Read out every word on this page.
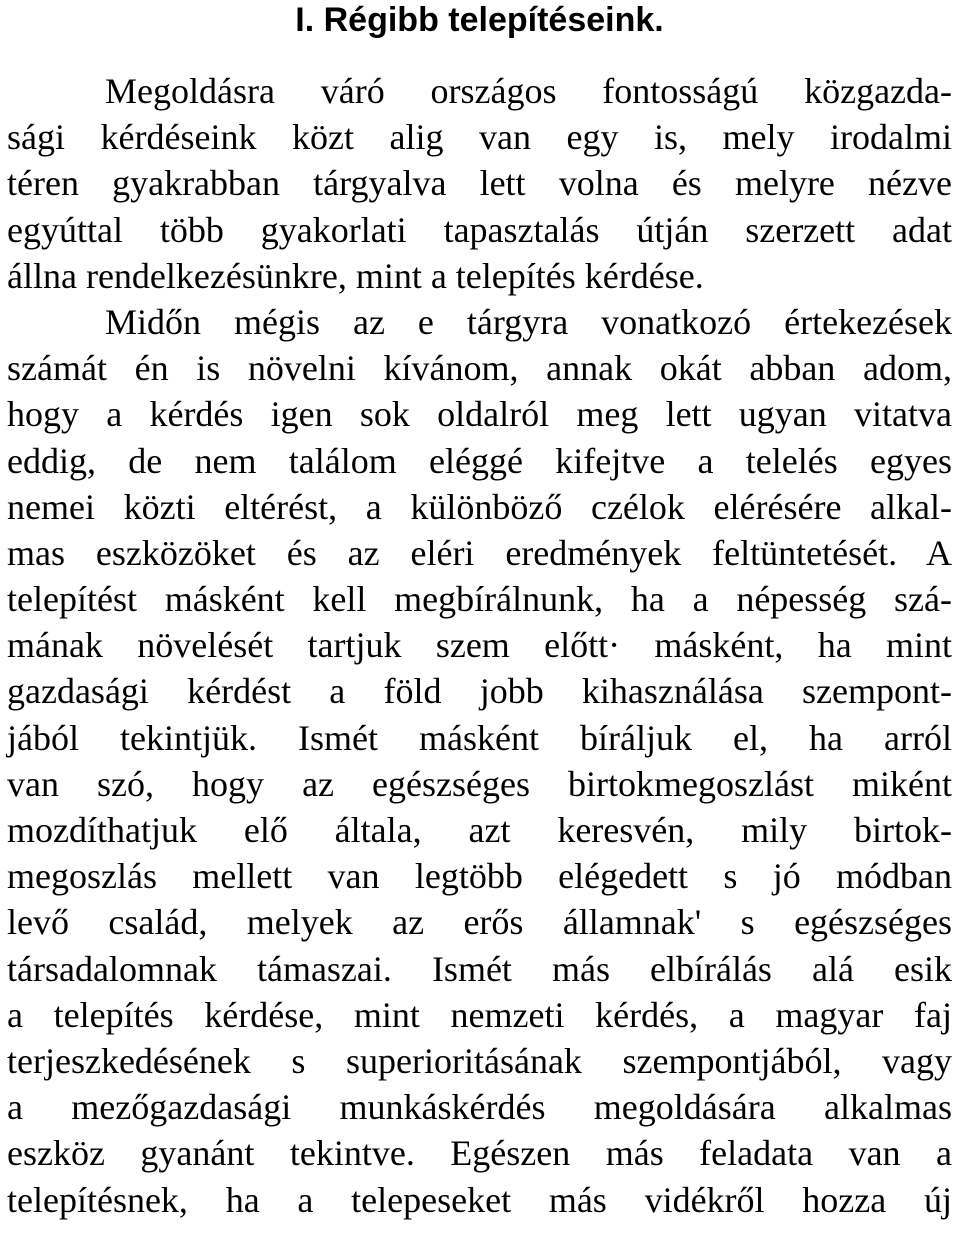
I. Régibb telepítéseink.
Megoldásra váró országos fontosságú közgazda-
sági kérdéseink közt alig van egy is, mely irodalmi
téren gyakrabban tárgyalva lett volna és melyre nézve
egyúttal több gyakorlati tapasztalás útján szerzett adat
állna rendelkezésünkre, mint a telepítés kérdése.
Midőn mégis az e tárgyra vonatkozó értekezések
számát én is növelni kívánom, annak okát abban adom,
hogy a kérdés igen sok oldalról meg lett ugyan vitatva
eddig, de nem találom eléggé kifejtve a telelés egyes
nemei közti eltérést, a különböző czélok elérésére alkal-
mas eszközöket és az eléri eredmények feltüntetését. A
telepítést másként kell megbírálnunk, ha a népesség szá-
mának növelését tartjuk szem előtt· másként, ha mint
gazdasági kérdést a föld jobb kihasználása szempont-
jából tekintjük. Ismét másként bíráljuk el, ha arról
van szó, hogy az egészséges birtokmegoszlást miként
mozdíthatjuk elő általa, azt keresvén, mily birtok-
megoszlás mellett van legtöbb elégedett s jó módban
levő család, melyek az erős államnak' s egészséges
társadalomnak támaszai. Ismét más elbírálás alá esik
a telepítés kérdése, mint nemzeti kérdés, a magyar faj
terjeszkedésének s superioritásának szempontjából, vagy
a mezőgazdasági munkáskérdés megoldására alkalmas
eszköz gyanánt tekintve. Egészen más feladata van a
telepítésnek, ha a telepeseket más vidékről hozza új
